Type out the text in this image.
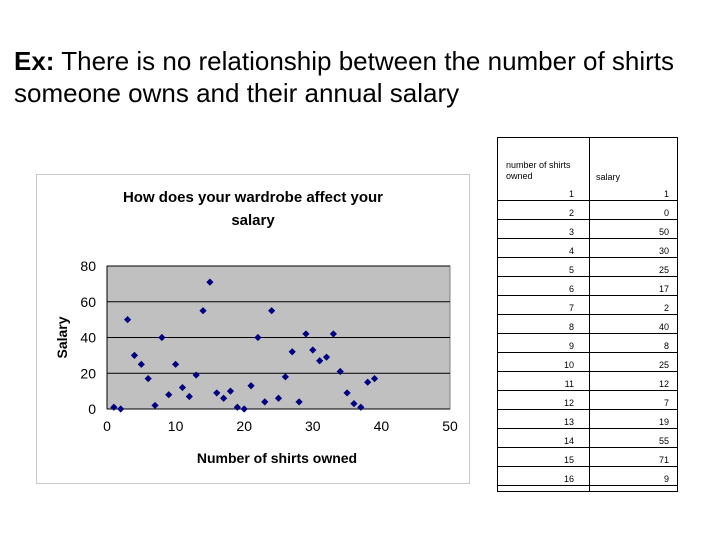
Ex: There is no relationship between the number of shirts someone owns and their annual salary
How does your wardrobe affect your
salary
0
20
40
60
80
0	10	20	30	40	50
Number of shirts owned
Salary
number of shirts
owned	salary
1	1
2	0
3	50
4	30
5	25
6	17
7	2
8	40
9	8
10	25
11	12
12	7
13	19
14	55
15	71
16	9
